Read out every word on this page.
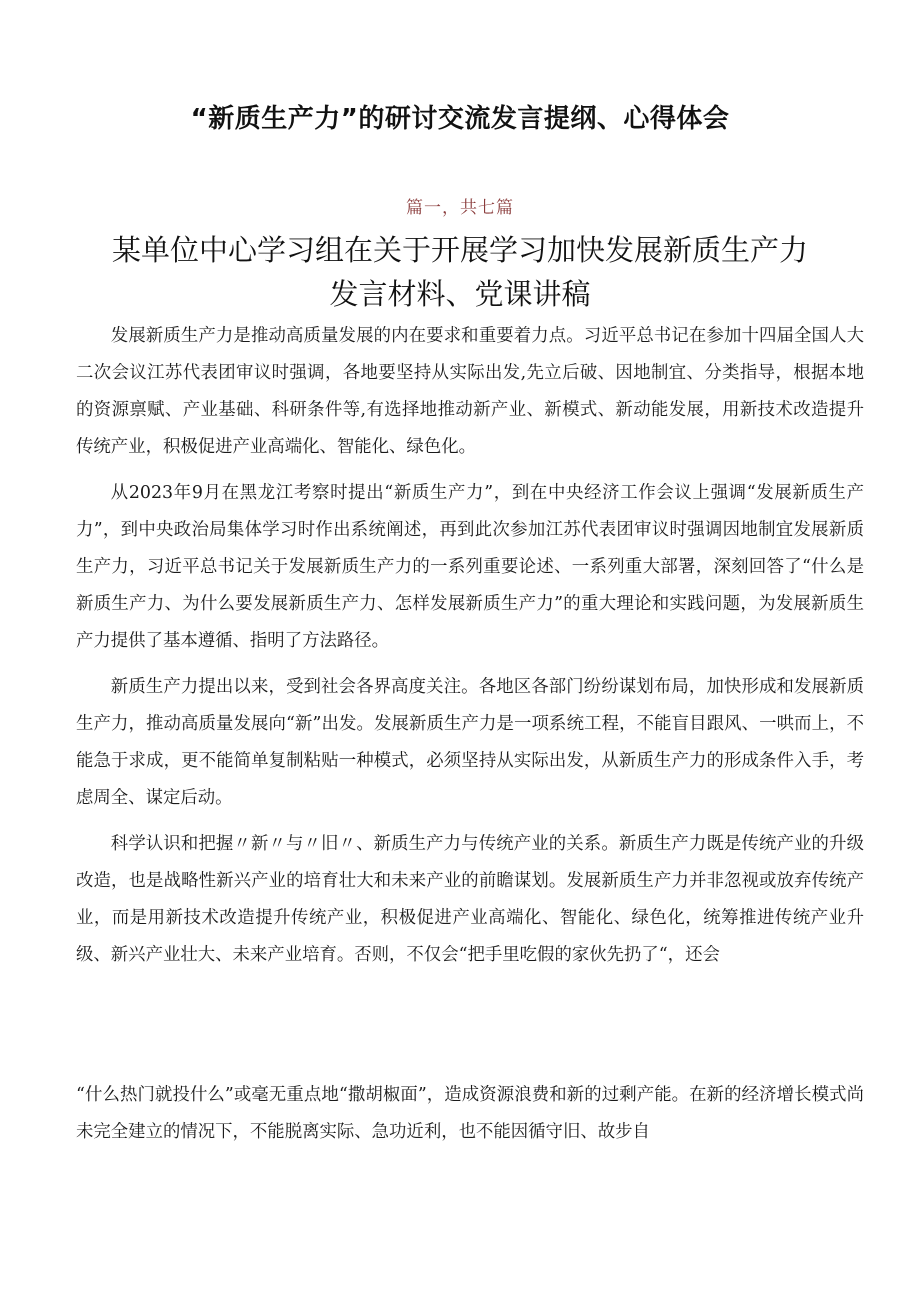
“新质生产力”的研讨交流发言提纲、心得体会
篇一，共七篇
某单位中心学习组在关于开展学习加快发展新质生产力
发言材料、党课讲稿

发展新质生产力是推动高质量发展的内在要求和重要着力点。习近平总书记在参加十四届全国人大二次会议江苏代表团审议时强调，各地要坚持从实际出发,先立后破、因地制宜、分类指导，根据本地的资源禀赋、产业基础、科研条件等,有选择地推动新产业、新模式、新动能发展，用新技术改造提升传统产业，积极促进产业高端化、智能化、绿色化。

从2023年9月在黑龙江考察时提出“新质生产力”，到在中央经济工作会议上强调“发展新质生产力”，到中央政治局集体学习时作出系统阐述，再到此次参加江苏代表团审议时强调因地制宜发展新质生产力，习近平总书记关于发展新质生产力的一系列重要论述、一系列重大部署，深刻回答了“什么是新质生产力、为什么要发展新质生产力、怎样发展新质生产力”的重大理论和实践问题，为发展新质生产力提供了基本遵循、指明了方法路径。

新质生产力提出以来，受到社会各界高度关注。各地区各部门纷纷谋划布局，加快形成和发展新质生产力，推动高质量发展向“新”出发。发展新质生产力是一项系统工程，不能盲目跟风、一哄而上，不能急于求成，更不能简单复制粘贴一种模式，必须坚持从实际出发，从新质生产力的形成条件入手，考虑周全、谋定后动。

科学认识和把握〃新〃与〃旧〃、新质生产力与传统产业的关系。新质生产力既是传统产业的升级改造，也是战略性新兴产业的培育壮大和未来产业的前瞻谋划。发展新质生产力并非忽视或放弃传统产业，而是用新技术改造提升传统产业，积极促进产业高端化、智能化、绿色化，统筹推进传统产业升级、新兴产业壮大、未来产业培育。否则，不仅会“把手里吃假的家伙先扔了“，还会

“什么热门就投什么”或毫无重点地“撒胡椒面”，造成资源浪费和新的过剩产能。在新的经济增长模式尚未完全建立的情况下，不能脱离实际、急功近利，也不能因循守旧、故步自
